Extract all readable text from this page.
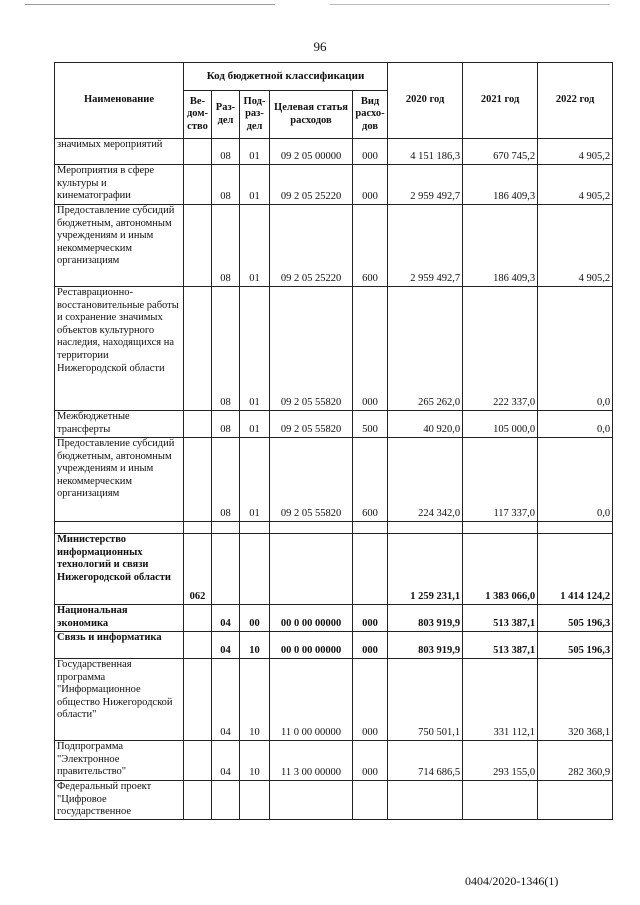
96
Наименование	Код бюджетной классификации					2020 год	2021 год	2022 год
	Ве- дом- ство	Раз- дел	Под- раз- дел	Целевая статья расходов	Вид расхо- дов			
значимых мероприятий		08	01	09 2 05 00000	000	4 151 186,3	670 745,2	4 905,2
Мероприятия в сфере культуры и кинематографии		08	01	09 2 05 25220	000	2 959 492,7	186 409,3	4 905,2
Предоставление субсидий бюджетным, автономным учреждениям и иным некоммерческим организациям		08	01	09 2 05 25220	600	2 959 492,7	186 409,3	4 905,2
Реставрационно-восстановительные работы и сохранение значимых объектов культурного наследия, находящихся на территории Нижегородской области		08	01	09 2 05 55820	000	265 262,0	222 337,0	0,0
Межбюджетные трансферты		08	01	09 2 05 55820	500	40 920,0	105 000,0	0,0
Предоставление субсидий бюджетным, автономным учреждениям и иным некоммерческим организациям		08	01	09 2 05 55820	600	224 342,0	117 337,0	0,0

Министерство информационных технологий и связи Нижегородской области	062					1 259 231,1	1 383 066,0	1 414 124,2
Национальная экономика		04	00	00 0 00 00000	000	803 919,9	513 387,1	505 196,3
Связь и информатика		04	10	00 0 00 00000	000	803 919,9	513 387,1	505 196,3
Государственная программа "Информационное общество Нижегородской области"		04	10	11 0 00 00000	000	750 501,1	331 112,1	320 368,1
Подпрограмма "Электронное правительство"		04	10	11 3 00 00000	000	714 686,5	293 155,0	282 360,9
Федеральный проект "Цифровое государственное								
0404/2020-1346(1)
